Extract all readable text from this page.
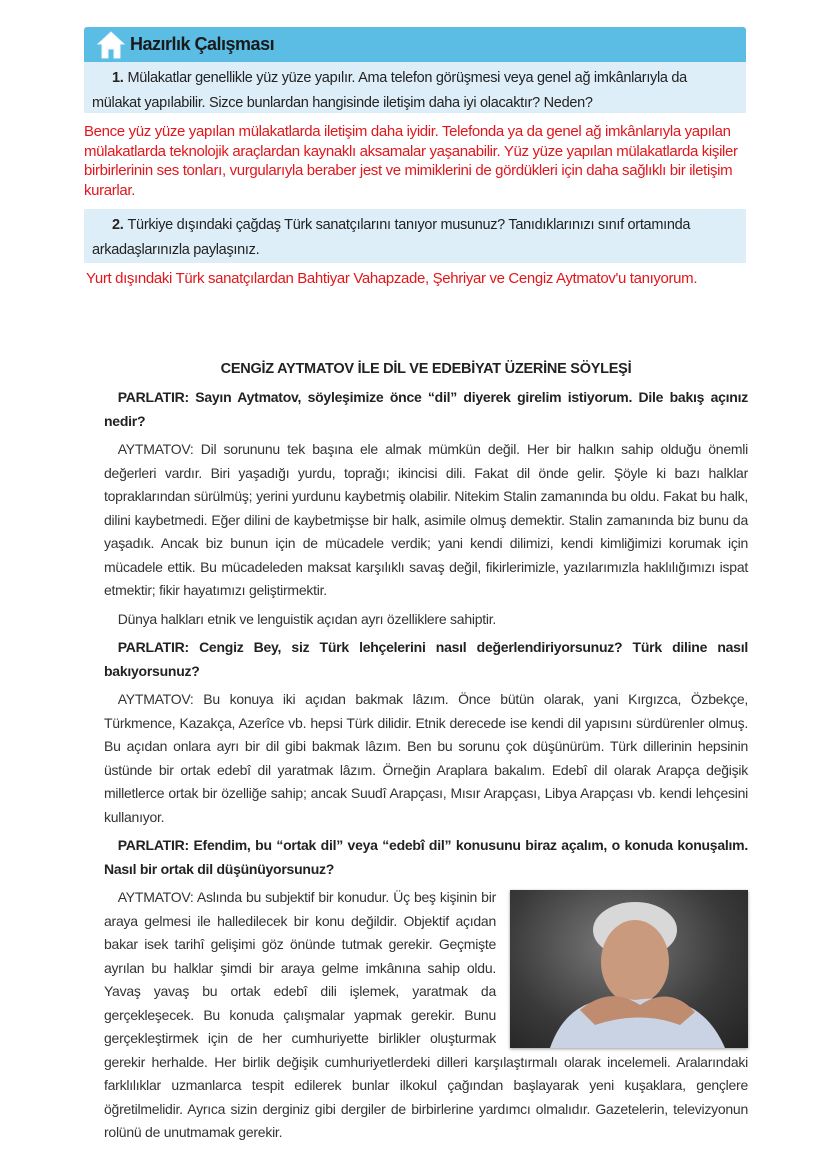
Hazırlık Çalışması
1. Mülakatlar genellikle yüz yüze yapılır. Ama telefon görüşmesi veya genel ağ imkânlarıyla da mülakat yapılabilir. Sizce bunlardan hangisinde iletişim daha iyi olacaktır? Neden?
Bence yüz yüze yapılan mülakatlarda iletişim daha iyidir. Telefonda ya da genel ağ imkânlarıyla yapılan mülakatlarda teknolojik araçlardan kaynaklı aksamalar yaşanabilir. Yüz yüze yapılan mülakatlarda kişiler birbirlerinin ses tonları, vurgularıyla beraber jest ve mimiklerini de gördükleri için daha sağlıklı bir iletişim kurarlar.
2. Türkiye dışındaki çağdaş Türk sanatçılarını tanıyor musunuz? Tanıdıklarınızı sınıf ortamında arkadaşlarınızla paylaşınız.
Yurt dışındaki Türk sanatçılardan Bahtiyar Vahapzade, Şehriyar ve Cengiz Aytmatov'u tanıyorum.
CENGİZ AYTMATOV İLE DİL VE EDEBİYAT ÜZERİNE SÖYLEŞİ

 PARLATIR: Sayın Aytmatov, söyleşimize önce “dil” diyerek girelim istiyorum. Dile bakış açınız nedir?

 AYTMATOV: Dil sorununu tek başına ele almak mümkün değil. Her bir halkın sahip olduğu önemli değerleri vardır. Biri yaşadığı yurdu, toprağı; ikincisi dili. Fakat dil önde gelir. Şöyle ki bazı halklar topraklarından sürülmüş; yerini yurdunu kaybetmiş olabilir. Nitekim Stalin zamanında bu oldu. Fakat bu halk, dilini kaybetmedi. Eğer dilini de kaybetmişse bir halk, asimile olmuş demektir. Stalin zamanında biz bunu da yaşadık. Ancak biz bunun için de mücadele verdik; yani kendi dilimizi, kendi kimliğimizi korumak için mücadele ettik. Bu mücadeleden maksat karşılıklı savaş değil, fikirlerimizle, yazılarımızla haklılığımızı ispat etmektir; fikir hayatımızı geliştirmektir.

 Dünya halkları etnik ve lenguistik açıdan ayrı özelliklere sahiptir.

 PARLATIR: Cengiz Bey, siz Türk lehçelerini nasıl değerlendiriyorsunuz? Türk diline nasıl bakıyorsunuz?

 AYTMATOV: Bu konuya iki açıdan bakmak lâzım. Önce bütün olarak, yani Kırgızca, Özbekçe, Türkmence, Kazakça, Azerîce vb. hepsi Türk dilidir. Etnik derecede ise kendi dil yapısını sürdürenler olmuş. Bu açıdan onlara ayrı bir dil gibi bakmak lâzım. Ben bu sorunu çok düşünürüm. Türk dillerinin hepsinin üstünde bir ortak edebî dil yaratmak lâzım. Örneğin Araplara bakalım. Edebî dil olarak Arapça değişik milletlerce ortak bir özelliğe sahip; ancak Suudî Arapçası, Mısır Arapçası, Libya Arapçası vb. kendi lehçesini kullanıyor.

 PARLATIR: Efendim, bu “ortak dil” veya “edebî dil” konusunu biraz açalım, o konuda konuşalım. Nasıl bir ortak dil düşünüyorsunuz?

 AYTMATOV: Aslında bu subjektif bir konudur. Üç beş kişinin bir araya gelmesi ile halledilecek bir konu değildir. Objektif açıdan bakar isek tarihî gelişimi göz önünde tutmak gerekir. Geçmişte ayrılan bu halklar şimdi bir araya gelme imkânına sahip oldu. Yavaş yavaş bu ortak edebî dili işlemek, yaratmak da gerçekleşecek. Bu konuda çalışmalar yapmak gerekir. Bunu gerçekleştirmek için de her cumhuriyette birlikler oluşturmak gerekir herhalde. Her birlik değişik cumhuriyetlerdeki dilleri karşılaştırmalı olarak incelemeli. Aralarındaki farklılıklar uzmanlarca tespit edilerek bunlar ilkokul çağından başlayarak yeni kuşaklara, gençlere öğretilmelidir. Ayrıca sizin derginiz gibi dergiler de birbirlerine yardımcı olmalıdır. Gazetelerin, televizyonun rolünü de unutmamak gerekir.
